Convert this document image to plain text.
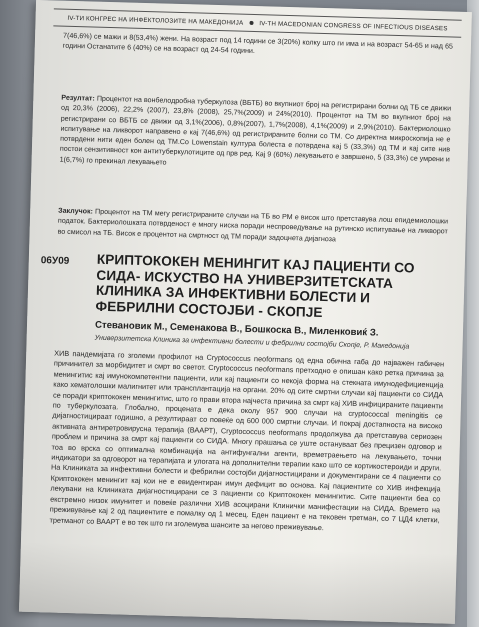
IV-ТИ КОНГРЕС НА ИНФЕКТОЛОЗИТЕ НА МАКЕДОНИЈА	IV-TH MACEDONIAN CONGRESS OF INFECTIOUS DISEASES
7(46,6%) се мажи и 8(53,4%) жени. На возраст под 14 години се 3(20%) колку што ги има и на возраст 54-65 и над 65 години Останатите 6 (40%) се на возраст од 24-54 години.
Резултат: Процентот на вонбелодробна туберкулоза (ВБТБ) во вкупниот број на регистрирани болни од ТБ се движи од 20,3% (2006), 22,2% (2007), 23,8% (2008), 25,7%(2009) и 24%(2010). Процентот на ТМ во вкупниот број на регистрирани со ВБТБ се движи од 3,1%(2006), 0,8%(2007), 1,7%(2008), 4,1%(2009) и 2,9%(2010). Бактериолошко испитување на ликворот направено е кај 7(46,6%) од регистрираните болни со ТМ. Со директна микроскопија не е потврдени нити еден болен од ТМ.Со Lowenstain култура болеста е потврдена кај 5 (33,3%) од ТМ и кај сите нив постои сензитивност кон антитуберкулотиците од прв ред. Кај 9 (60%) лекувањето е завршено, 5 (33,3%) се умрени и 1(6,7%) го прекинал лекувањето
Заклучок: Процентот на ТМ мегу регистрираните случаи на ТБ во РМ е висок што претставува лош епидемиолошки податок. Бактериолошката потврденост е многу ниска поради неспроведување на рутинско испитување на ликворот во смисол на ТБ. Висок е процентот на смртност од ТМ поради задоцнета дијагноза
06У09 КРИПТОКОКЕН МЕНИНГИТ КАЈ ПАЦИЕНТИ СО СИДА- ИСКУСТВО НА УНИВЕРЗИТЕТСКАТА КЛИНИКА ЗА ИНФЕКТИВНИ БОЛЕСТИ И ФЕБРИЛНИ СОСТОЈБИ - СКОПЈЕ
Стевановик М., Семенакова В., Бошкоска В., Миленковиќ З.
Универзитетска Клиника за инфективни болести и фебрилни состојби Скопје, Р. Македонија
ХИВ пандемијата го зголеми профилот на Cryptococcus neoformans од една обична габа до најважен габичен причинител за морбидитет и смрт во светот. Cryptococcus neoformans претходно е опишан како ретка причина за менингитис кај имунокомпетентни пациенти, или кај пациенти со некоја форма на стекната имунодефициенција како хематолошки малигнитет или трансплантација на органи. 20% од сите смртни случаи кај пациенти со СИДА се поради криптококен менингитис, што го прави втора најчеста причина за смрт кај ХИВ инфицираните пациенти по туберкулозата. Глобално, процената е дека околу 957 900 случаи на cryptococcal meningitis се дијагностицираат годишно, а резултираат со повеќе од 600 000 смртни случаи. И покрај достапноста на високо активната антиретровирусна терапија (ВААРТ), Cryptococcus neoformans продолжува да претставува сериозен проблем и причина за смрт кај пациенти со СИДА. Многу прашања се уште остануваат без прецизен одговор и тоа во врска со оптимална комбинација на антифунгални агенти, времетраењето на лекувањето, точни индикатори за одговорот на терапијата и улогата на дополнителни терапии како што се кортикостероиди и други. На Клиниката за инфективни болести и фебрилни состојби дијагностицирани и документирани се 4 пациенти со Криптококен менингит кај кои не е евидентиран имун дефицит во основа. Кај пациентите со ХИВ инфекција лекувани на Клиниката дијагностицирани се 3 пациенти со Криптококен менингитис. Сите пациенти беа со екстремно низок имунитет и повеќе различни ХИВ асоцирани Клинички манифестации на СИДА. Времето на преживување кај 2 од пациентите е помалку од 1 месец. Еден пациент е на тековен третман, со 7 ЦД4 клетки, третманот со ВААРТ е во тек што ги зголемува шансите за негово преживување.
